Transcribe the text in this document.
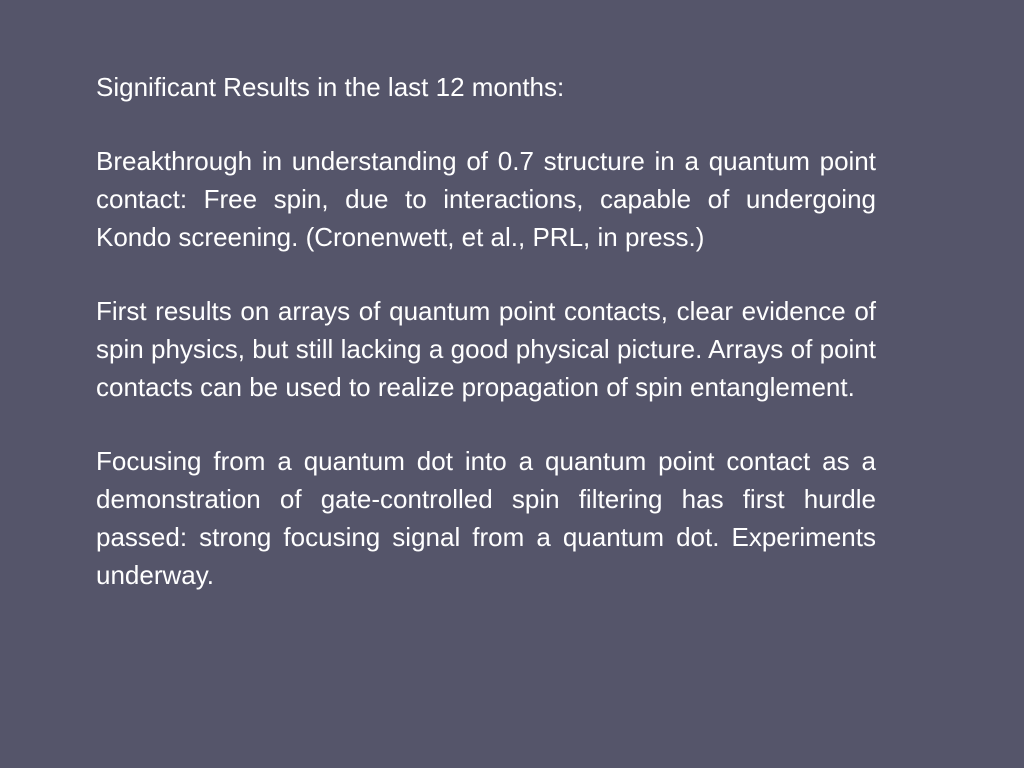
Significant Results in the last 12 months:

Breakthrough in understanding of 0.7 structure in a quantum point contact: Free spin, due to interactions, capable of undergoing Kondo screening. (Cronenwett, et al., PRL, in press.)

First results on arrays of quantum point contacts, clear evidence of spin physics, but still lacking a good physical picture. Arrays of point contacts can be used to realize propagation of spin entanglement.

Focusing from a quantum dot into a quantum point contact as a demonstration of gate-controlled spin filtering has first hurdle passed: strong focusing signal from a quantum dot. Experiments underway.
